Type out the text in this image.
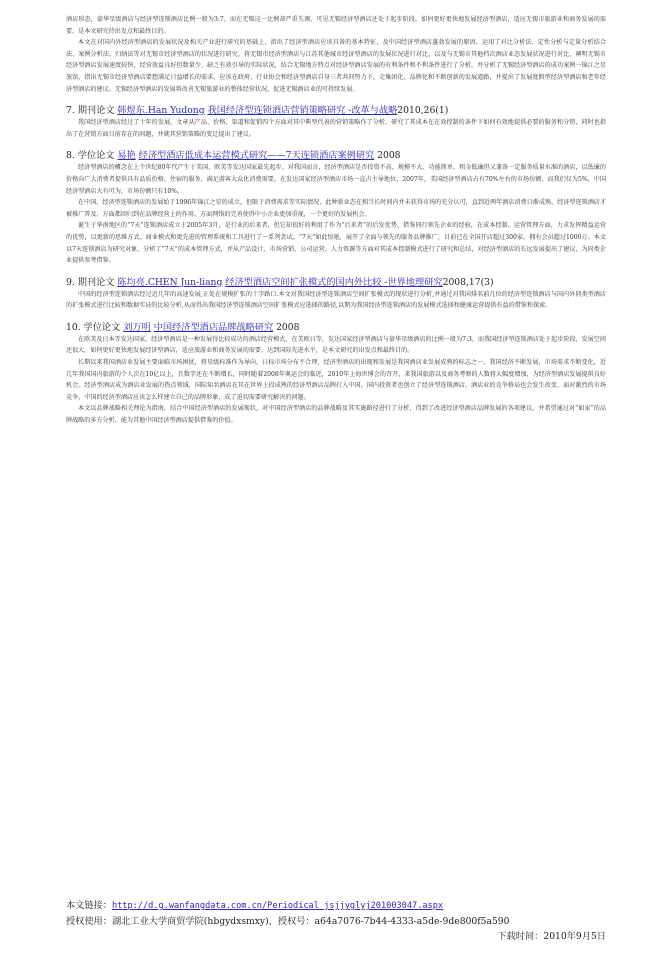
酒店形态，豪华星级酒店与经济型连锁酒店比例一般为3:7，而在无锡这一比例却严重失调，可见无锡经济型酒店还处于起步阶段。如何更好更快地发展经济型酒店，适应无锡市旅游业和商务发展的需要，是本文研究待出发点和最终目的。

本文在对国内外经济型酒店的发展状况及相关产业进行研究的基础上，指出了经济型酒店应该具备的基本特征，及中国经济型酒店蓬勃发展的原因。运用了对比分析法、定性分析与定量分析结合法、案例分析法、归纳法等对无锡市经济型酒店的状况进行研究，将无锡市经济型酒店与江苏其他城市经济型酒店的发展状况进行对比，以及与无锡市其他档次酒店业态发展状况进行对比，阐明无锡市经济型酒店发展速度较快，经营效益良好但数量少、缺乏有效引导的实际状况，结合无锡地方特点对经济型酒店发展的有利条件和不利条件进行了分析，并分析了无锡经济型酒店的成功案例一锦江之星旅馆，指出无锡市经济型酒店要想满足日益增长的需求，应该在政府、行业协会和经济型酒店自身三者共同努力下，走集团化、品牌化和不断创新的发展道路，并提出了发展度假型经济型酒店和老年经济型酒店的建议。无锡经济型酒店的发展将改善无锡旅游业的整体经营状况，促进无锡酒店业的可持续发展。

7. 期刊论文 韩煜东.Han Yudong 我国经济型连锁酒店营销策略研究 -改革与战略2010,26(1)

我国经济型酒店经过了十年的发展，文章从产品、价格、渠道和促销四个方面对其中典型代表的营销策略作了分析，研究了其成本在在效控制的条件下如何有效地提供必要的服务和分销，同时也指出了在营销方面目前存在的问题，并就其营销策略的变迁提出了建议。

8. 学位论文 易艳 经济型酒店低成本运营模式研究——7天连锁酒店案例研究 2008

经济型酒店的概念在上个世纪80年代产生于美国，欧美等发达国家最先起步。对我国而言，经济型酒店是否投资不高、规模不大、功能简单，租金低廉但又兼备一定服务质量水准的酒店，以低廉的价格向广大消费者提供具有品质价格、住宿的服务，满足游客大众化消费需要。在发达国家经济型酒店市场一直占主导地位，2007年，美国经济型酒店占有70%左右的市场份额，而我们仅为5%，中国经济型酒店大有可为，市场份额只有10%。

在中国，经济型连锁酒店的发展始于1996年锦江之星的成立，但限于消费需求等实际情况，此种新业态在相当长时间内并未获得市场的充分认可，直到近两年酒店消费日渐成熟，经济型连锁酒店才被推广普及、方面都回归到在品牌经营上的作用。方面网络的完善使得中小企业更加重视，一个更好的发展机会。

诞生于华南地区的“7天”连锁酒店成立于2005年3月，是行业的后来者，但它却很好的利用了作为“后来者”的后发优势，借鉴同行领先企业的经验，在成本控制、运营管理方面，力求发挥精益运营的优势，以更新的思维方式、商业模式和更先进的管理系统和工具进行了一系列尝试。“7天”如此惊艳，展开了全面与领先的服务品牌推广，目前已在全国开店超过300家，拥有会员超过1000万。本文以7天连锁酒店为研究对象，分析了“7天”的成本管理方式，并从产品设计、市场营销、公司运营、人力资源等方面对其成本控制模式进行了研究和总结，对经济型酒店的长远发展提出了建议，为同类企业提供参考借鉴。

9. 期刊论文 陈均亮.CHEN Jun-liang 经济型酒店空间扩张模式的国内外比较 -世界地理研究2008,17(3)

中国的经济型连锁酒店经过近几年的高速发展,正处在规模扩张的十字路口.本文对我国经济型连锁酒店空间扩张模式的现状进行分析,并通过对我国排名前几位的经济型连锁酒店与国内外同类型酒店的扩张模式进行比较和数据实证的比较分析,从而得出我国经济型连锁酒店空间扩张模式应选择的路径,以期为我国经济型连锁酒店的发展模式选择和健康运营提供有益的借鉴和探索.

10. 学位论文 刘万明 中国经济型酒店品牌战略研究 2008

在欧美及日本等发达国家，经济型酒店是一种发展得比较成功的酒店经营模式，在美欧日等，发达国家经济型酒店与豪华星级酒店的比例一般为7:3，而我国经济型连锁酒店处于起步阶段，发展空间还很大。如何更好更快地发展经济型酒店，适应旅游业和商务发展的需要，达到国际先进水平，是本文研究的出发点和最终目的。

长期以来我国酒店业发展主要面临市场困扰，将星级标准作为导向，日标市场分布不合理，经济型酒店的出现和发展是我国酒店业发展成熟的标志之一。我国经济不断发展，市场需求不断变化，近几年我国国内旅游的个人次在10亿以上，且数字还在不断增长，同时随着2008年奥运会的临近，2010年上海世博会的召开，来我国旅游以及商务考察的人数将大幅度增加，为经济型酒店发展提供良好机会。经济型酒店成为酒店业发展的热点领域，国际知名酒店在其在世界上投成熟的经济型酒店品牌打入中国，国内投资者也创立了经济型连锁酒店，酒店业的竞争格局也会发生改变，面对激烈的市场竞争，中国的经济型酒店应该怎么样建立自己的品牌形象，成了迫切需要研究解决的问题。

本文以品牌战略相关理论为指南，结合中国经济型酒店的发展现状，对中国经济型酒店的品牌战略及其实施路径进行了分析，得到了改进经济型酒店品牌发展的各项建议，并希望通过对“如家”的品牌战略的多方分析，能为其他中国经济型酒店提供借鉴的价值。

本文链接：http://d.g.wanfangdata.com.cn/Periodical_jsjjyglyj201003047.aspx
授权使用：湖北工业大学商贸学院(hbgydxsmxy)，授权号：a64a7076-7b44-4333-a5de-9de800f5a590
下载时间：2010年9月5日
